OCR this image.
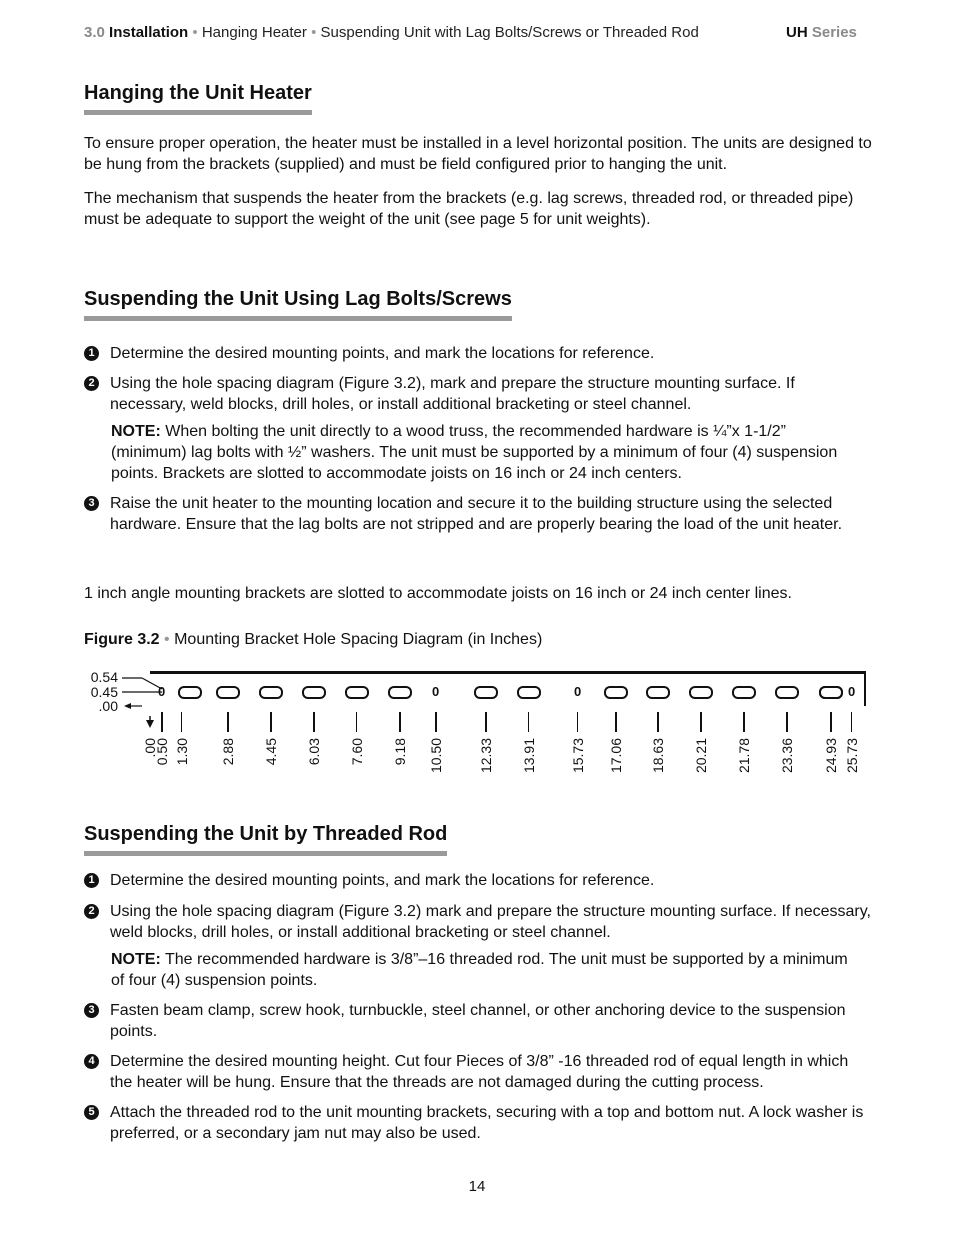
3.0 Installation • Hanging Heater • Suspending Unit with Lag Bolts/Screws or Threaded Rod	UH Series
Hanging the Unit Heater

To ensure proper operation, the heater must be installed in a level horizontal position. The units are designed to be hung from the brackets (supplied) and must be field configured prior to hanging the unit.

The mechanism that suspends the heater from the brackets (e.g. lag screws, threaded rod, or threaded pipe) must be adequate to support the weight of the unit (see page 5 for unit weights).

Suspending the Unit Using Lag Bolts/Screws
1 Determine the desired mounting points, and mark the locations for reference.
2 Using the hole spacing diagram (Figure 3.2), mark and prepare the structure mounting surface. If necessary, weld blocks, drill holes, or install additional bracketing or steel channel.
NOTE: When bolting the unit directly to a wood truss, the recommended hardware is ¼”x 1-1/2” (minimum) lag bolts with ½” washers. The unit must be supported by a minimum of four (4) suspension points. Brackets are slotted to accommodate joists on 16 inch or 24 inch centers.
3 Raise the unit heater to the mounting location and secure it to the building structure using the selected hardware. Ensure that the lag bolts are not stripped and are properly bearing the load of the unit heater.

1 inch angle mounting brackets are slotted to accommodate joists on 16 inch or 24 inch center lines.

Figure 3.2 • Mounting Bracket Hole Spacing Diagram (in Inches)
0.54
0.45
.00
0	0	0	0
.00
0.50 1.30 2.88 4.45 6.03 7.60 9.18 10.50 12.33 13.91 15.73 17.06 18.63 20.21 21.78 23.36 24.93 25.73
Suspending the Unit by Threaded Rod
1 Determine the desired mounting points, and mark the locations for reference.
2 Using the hole spacing diagram (Figure 3.2) mark and prepare the structure mounting surface. If necessary, weld blocks, drill holes, or install additional bracketing or steel channel.
NOTE: The recommended hardware is 3/8”–16 threaded rod. The unit must be supported by a minimum of four (4) suspension points.
3 Fasten beam clamp, screw hook, turnbuckle, steel channel, or other anchoring device to the suspension points.
4 Determine the desired mounting height. Cut four Pieces of 3/8” -16 threaded rod of equal length in which the heater will be hung. Ensure that the threads are not damaged during the cutting process.
5 Attach the threaded rod to the unit mounting brackets, securing with a top and bottom nut. A lock washer is preferred, or a secondary jam nut may also be used.
14
